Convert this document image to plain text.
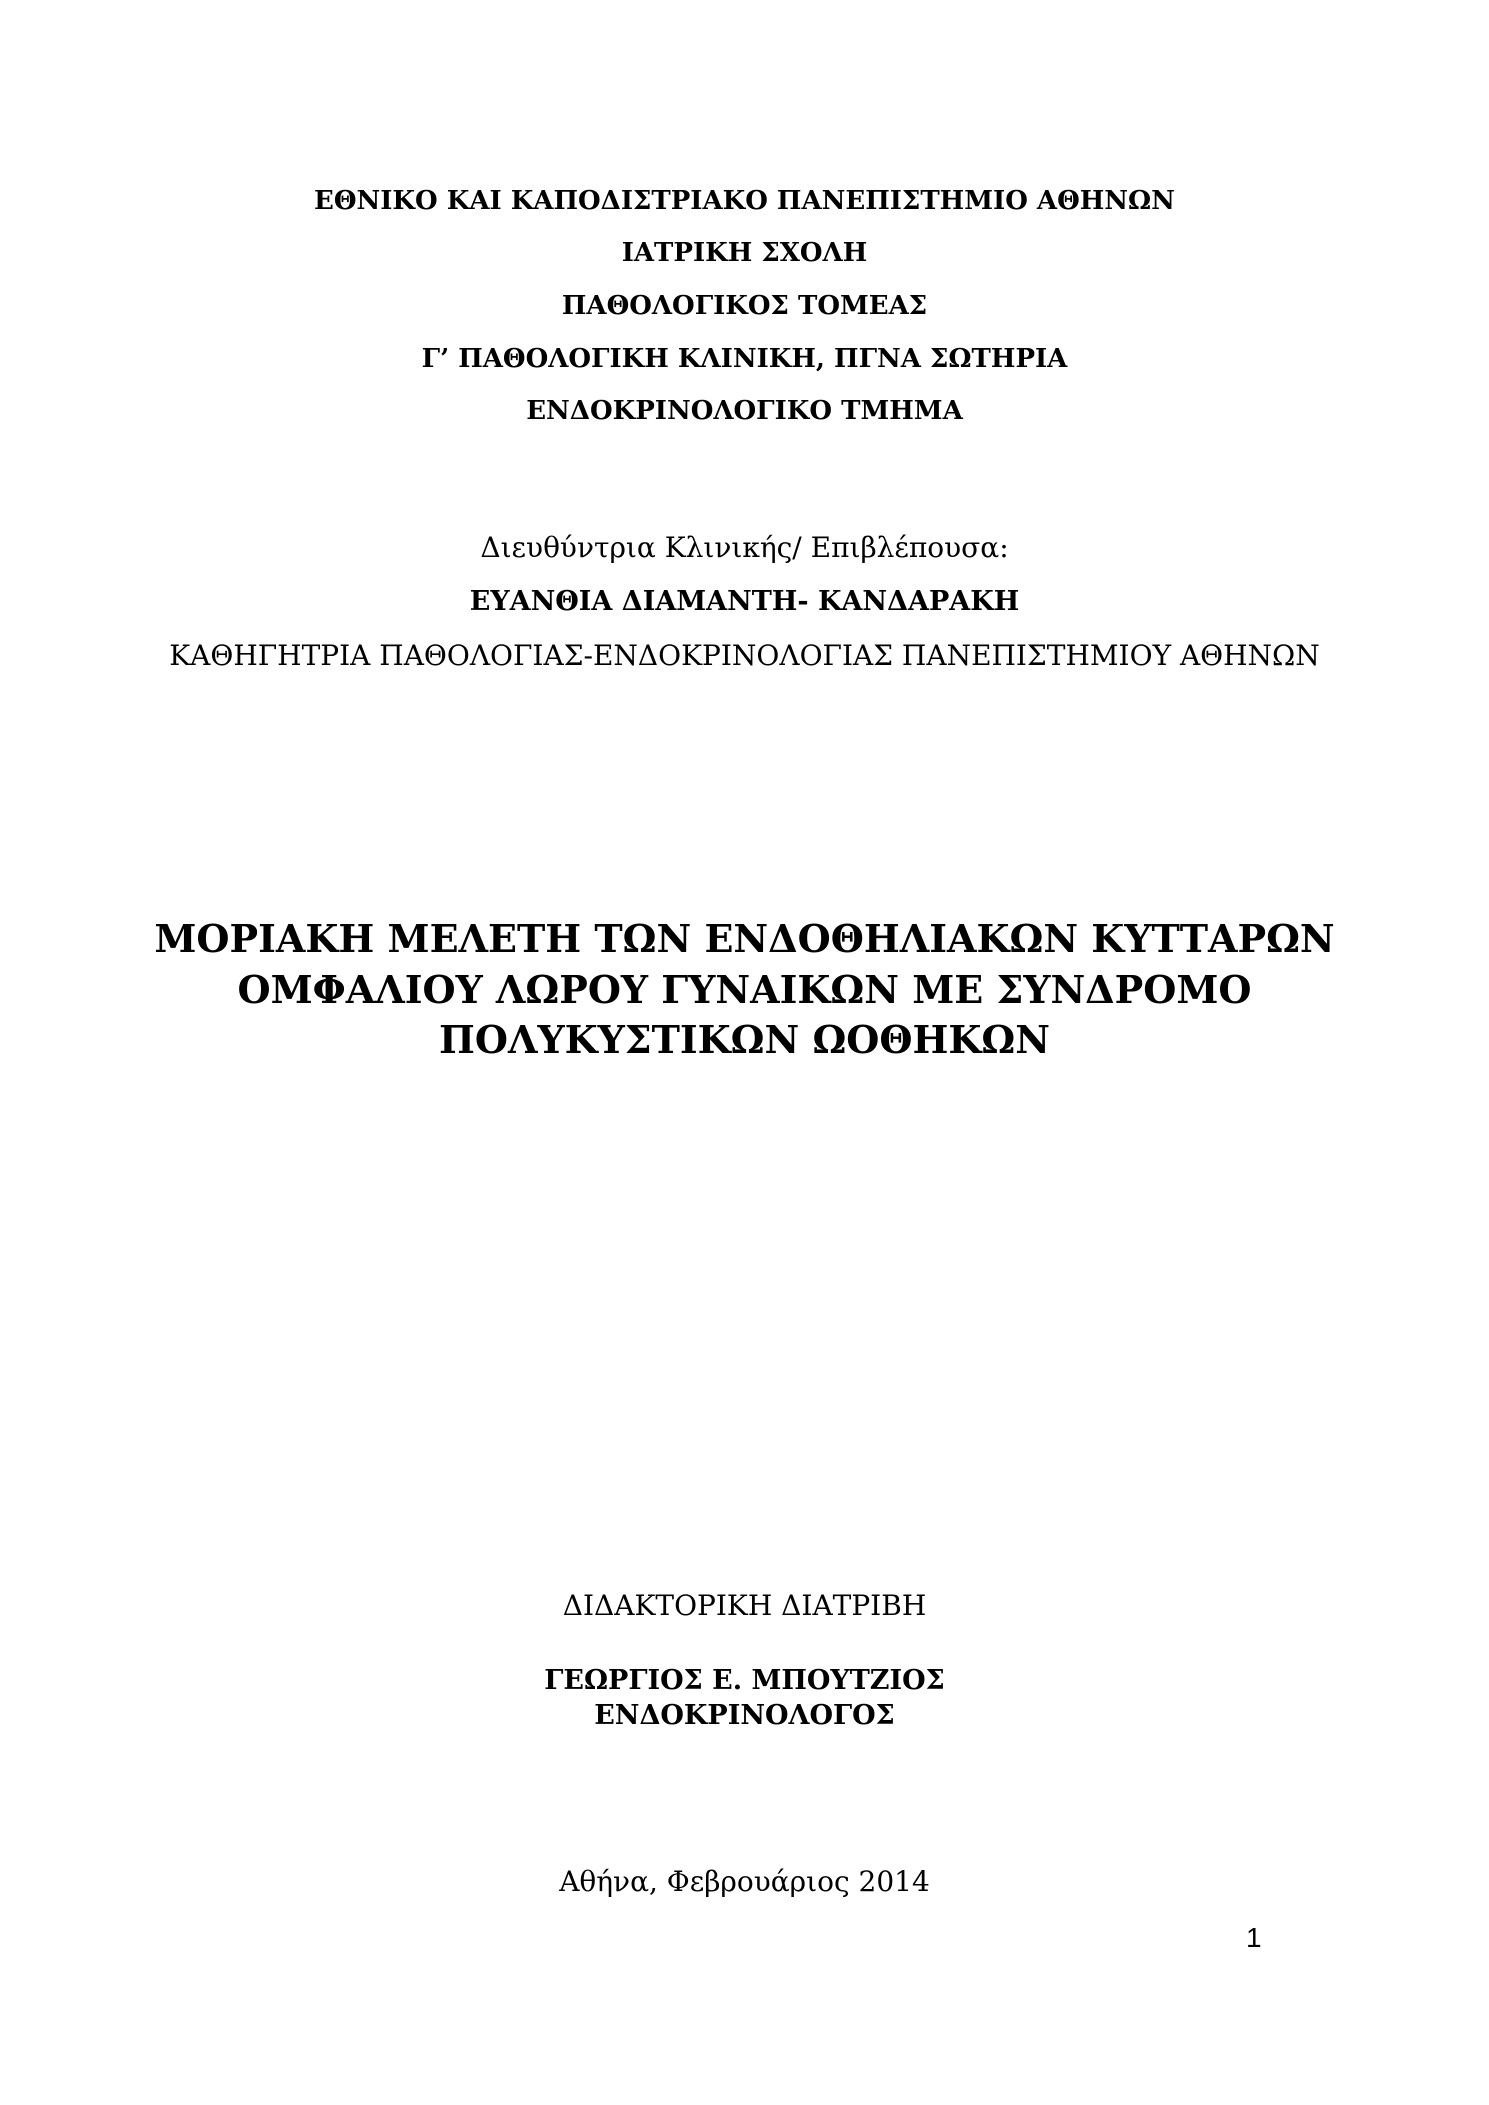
ΕΘΝΙΚΟ ΚΑΙ ΚΑΠΟΔΙΣΤΡΙΑΚΟ ΠΑΝΕΠΙΣΤΗΜΙΟ ΑΘΗΝΩΝ
ΙΑΤΡΙΚΗ ΣΧΟΛΗ
ΠΑΘΟΛΟΓΙΚΟΣ ΤΟΜΕΑΣ
Γ’ ΠΑΘΟΛΟΓΙΚΗ ΚΛΙΝΙΚΗ, ΠΓΝΑ ΣΩΤΗΡΙΑ
ΕΝΔΟΚΡΙΝΟΛΟΓΙΚΟ ΤΜΗΜΑ
Διευθύντρια Κλινικής/ Επιβλέπουσα:
ΕΥΑΝΘΙΑ ΔΙΑΜΑΝΤΗ- ΚΑΝΔΑΡΑΚΗ
ΚΑΘΗΓΗΤΡΙΑ ΠΑΘΟΛΟΓΙΑΣ-ΕΝΔΟΚΡΙΝΟΛΟΓΙΑΣ ΠΑΝΕΠΙΣΤΗΜΙΟΥ ΑΘΗΝΩΝ
ΜΟΡΙΑΚΗ ΜΕΛΕΤΗ ΤΩΝ ΕΝΔΟΘΗΛΙΑΚΩΝ ΚΥΤΤΑΡΩΝ
ΟΜΦΑΛΙΟΥ ΛΩΡΟΥ ΓΥΝΑΙΚΩΝ ΜΕ ΣΥΝΔΡΟΜΟ
ΠΟΛΥΚΥΣΤΙΚΩΝ ΩΟΘΗΚΩΝ
ΔΙΔΑΚΤΟΡΙΚΗ ΔΙΑΤΡΙΒΗ
ΓΕΩΡΓΙΟΣ Ε. ΜΠΟΥΤΖΙΟΣ
ΕΝΔΟΚΡΙΝΟΛΟΓΟΣ
Αθήνα, Φεβρουάριος 2014
1
